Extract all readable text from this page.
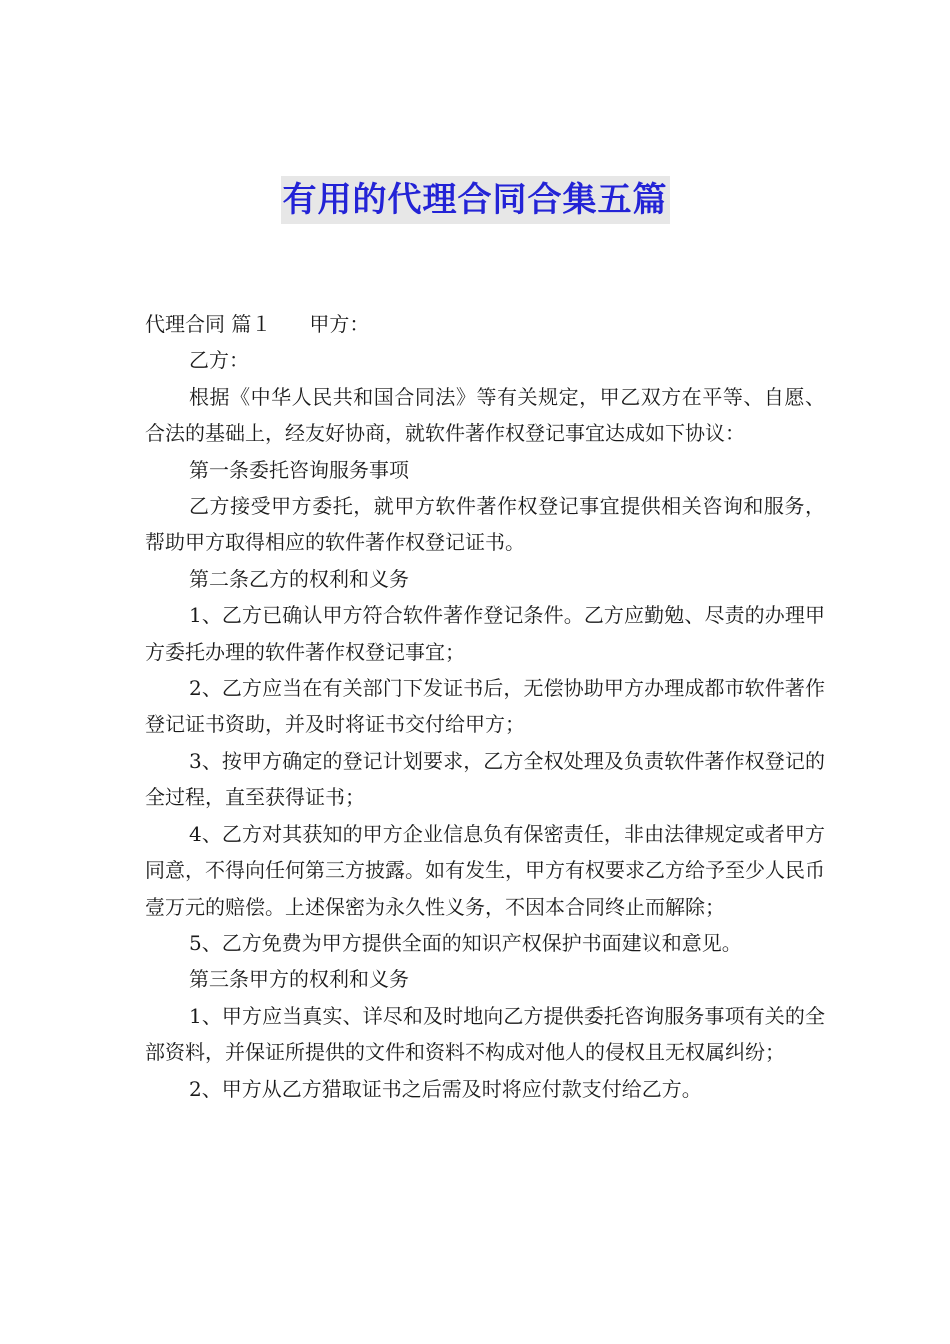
有用的代理合同合集五篇

代理合同 篇１ 甲方：

乙方：

根据《中华人民共和国合同法》等有关规定，甲乙双方在平等、自愿、合法的基础上，经友好协商，就软件著作权登记事宜达成如下协议：

第一条委托咨询服务事项

乙方接受甲方委托，就甲方软件著作权登记事宜提供相关咨询和服务，帮助甲方取得相应的软件著作权登记证书。

第二条乙方的权利和义务

1、乙方已确认甲方符合软件著作登记条件。乙方应勤勉、尽责的办理甲方委托办理的软件著作权登记事宜；

2、乙方应当在有关部门下发证书后，无偿协助甲方办理成都市软件著作登记证书资助，并及时将证书交付给甲方；

3、按甲方确定的登记计划要求，乙方全权处理及负责软件著作权登记的全过程，直至获得证书；

4、乙方对其获知的甲方企业信息负有保密责任，非由法律规定或者甲方同意，不得向任何第三方披露。如有发生，甲方有权要求乙方给予至少人民币壹万元的赔偿。上述保密为永久性义务，不因本合同终止而解除；

5、乙方免费为甲方提供全面的知识产权保护书面建议和意见。

第三条甲方的权利和义务

1、甲方应当真实、详尽和及时地向乙方提供委托咨询服务事项有关的全部资料，并保证所提供的文件和资料不构成对他人的侵权且无权属纠纷；

2、甲方从乙方猎取证书之后需及时将应付款支付给乙方。
